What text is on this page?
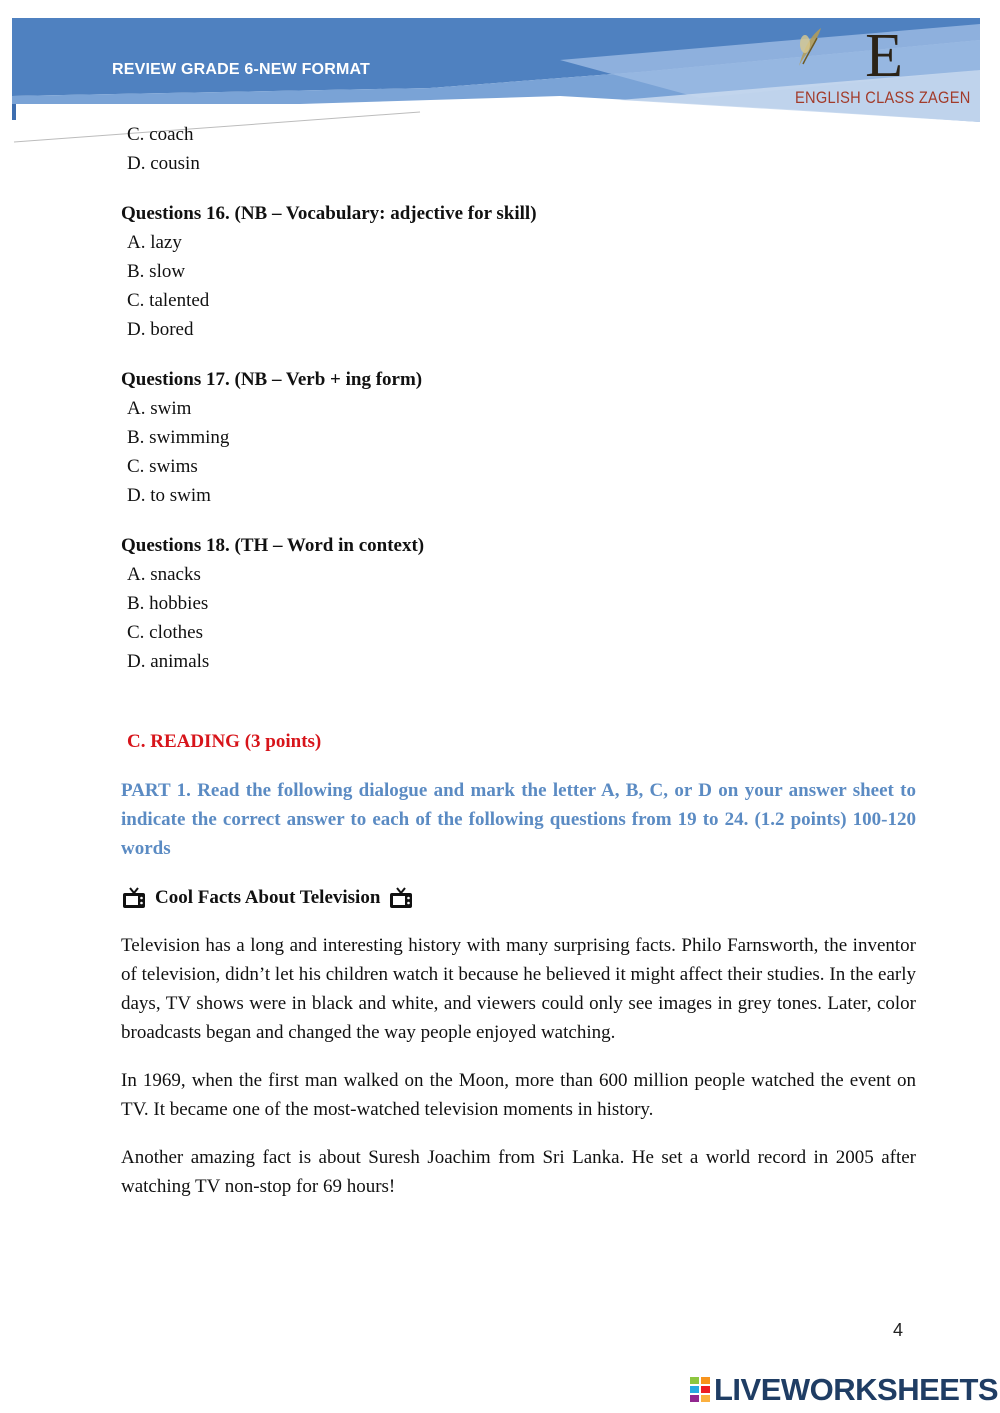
REVIEW GRADE 6-NEW FORMAT	E
ENGLISH CLASS ZAGEN
C. coach
D. cousin
Questions 16. (NB – Vocabulary: adjective for skill)
A. lazy
B. slow
C. talented
D. bored
Questions 17. (NB – Verb + ing form)
A. swim
B. swimming
C. swims
D. to swim
Questions 18. (TH – Word in context)
A. snacks
B. hobbies
C. clothes
D. animals
C. READING (3 points)
PART 1. Read the following dialogue and mark the letter A, B, C, or D on your answer sheet to indicate the correct answer to each of the following questions from 19 to 24. (1.2 points) 100-120 words
Cool Facts About Television
Television has a long and interesting history with many surprising facts. Philo Farnsworth, the inventor of television, didn’t let his children watch it because he believed it might affect their studies. In the early days, TV shows were in black and white, and viewers could only see images in grey tones. Later, color broadcasts began and changed the way people enjoyed watching.
In 1969, when the first man walked on the Moon, more than 600 million people watched the event on TV. It became one of the most-watched television moments in history.
Another amazing fact is about Suresh Joachim from Sri Lanka. He set a world record in 2005 after watching TV non-stop for 69 hours!
4
LIVEWORKSHEETS
